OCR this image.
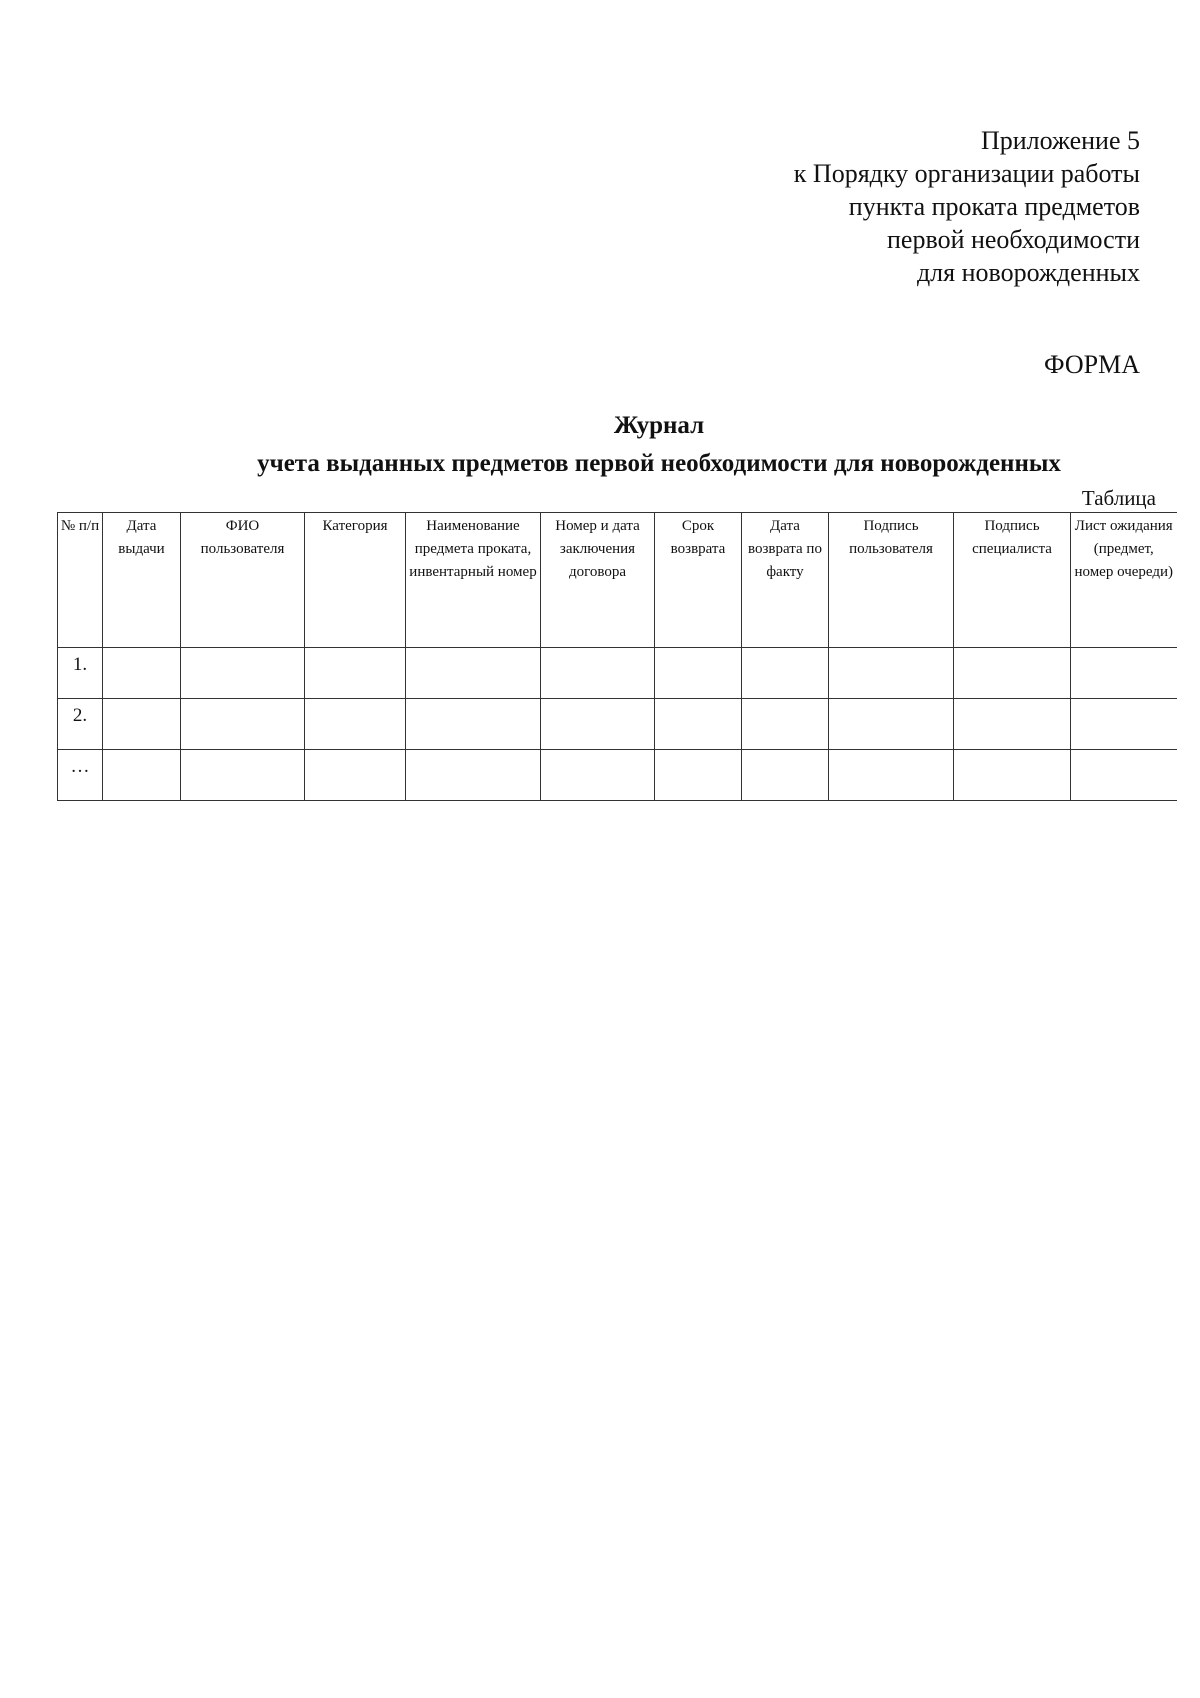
Приложение 5
к Порядку организации работы
пункта проката предметов
первой необходимости
для новорожденных
ФОРМА
Журнал
учета выданных предметов первой необходимости для новорожденных
Таблица
№ п/п	Дата выдачи	ФИО пользователя	Категория	Наименование предмета проката, инвентарный номер	Номер и дата заключения договора	Срок возврата	Дата возврата по факту	Подпись пользователя	Подпись специалиста	Лист ожидания (предмет, номер очереди)
1.										
2.										
…										
